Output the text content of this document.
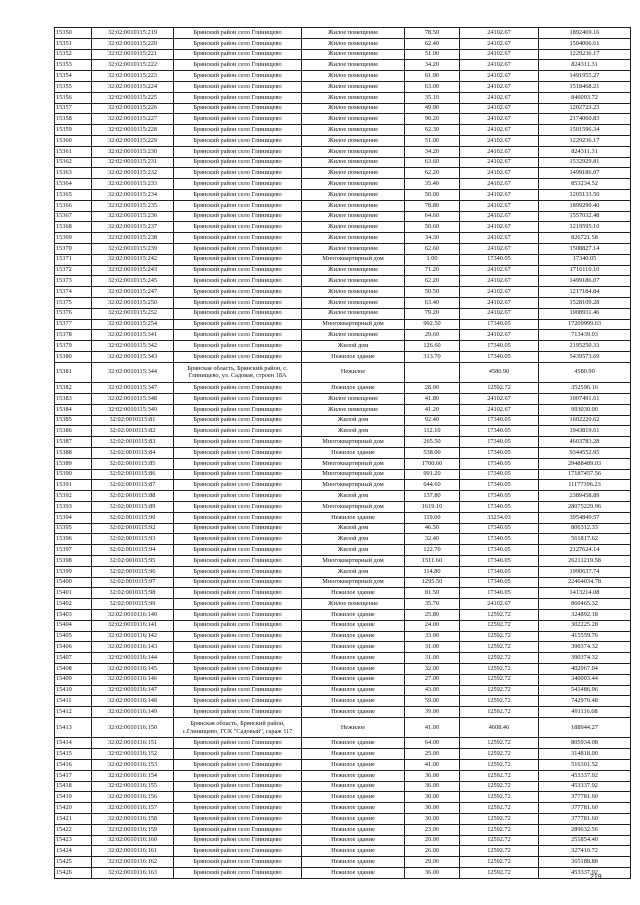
15350	32:02:0010115:219	Брянский район село Глинищево	Жилое помещение	78.50	24102.67	1892469.16
15351	32:02:0010115:220	Брянский район село Глинищево	Жилое помещение	62.40	24102.67	1504006.61
15352	32:02:0010115:221	Брянский район село Глинищево	Жилое помещение	51.00	24102.67	1229236.17
15353	32:02:0010115:222	Брянский район село Глинищево	Жилое помещение	34.20	24102.67	824311.31
15354	32:02:0010115:223	Брянский район село Глинищево	Жилое помещение	61.90	24102.67	1491955.27
15355	32:02:0010115:224	Брянский район село Глинищево	Жилое помещение	63.00	24102.67	1518468.21
15356	32:02:0010115:225	Брянский район село Глинищево	Жилое помещение	35.10	24102.67	846003.72
15357	32:02:0010115:226	Брянский район село Глинищево	Жилое помещение	49.90	24102.67	1202723.23
15358	32:02:0010115:227	Брянский район село Глинищево	Жилое помещение	90.20	24102.67	2174060.83
15359	32:02:0010115:228	Брянский район село Глинищево	Жилое помещение	62.30	24102.67	1501596.34
15360	32:02:0010115:229	Брянский район село Глинищево	Жилое помещение	51.00	24102.67	1229236.17
15361	32:02:0010115:230	Брянский район село Глинищево	Жилое помещение	34.20	24102.67	824311.31
15362	32:02:0010115:231	Брянский район село Глинищево	Жилое помещение	63.60	24102.67	1532929.81
15363	32:02:0010115:232	Брянский район село Глинищево	Жилое помещение	62.20	24102.67	1499186.07
15364	32:02:0010115:233	Брянский район село Глинищево	Жилое помещение	35.40	24102.67	853234.52
15365	32:02:0010115:234	Брянский район село Глинищево	Жилое помещение	50.00	24102.67	1205133.50
15366	32:02:0010115:235	Брянский район село Глинищево	Жилое помещение	78.80	24102.67	1899290.40
15367	32:02:0010115:236	Брянский район село Глинищево	Жилое помещение	64.60	24102.67	1557032.48
15368	32:02:0010115:237	Брянский район село Глинищево	Жилое помещение	50.60	24102.67	1219595.10
15369	32:02:0010115:238	Брянский район село Глинищево	Жилое помещение	34.30	24102.67	826721.58
15370	32:02:0010115:239	Брянский район село Глинищево	Жилое помещение	62.60	24102.67	1508827.14
15371	32:02:0010115:242	Брянский район село Глинищево	Многоквартирный дом	1.00	17340.05	17340.05
15372	32:02:0010115:243	Брянский район село Глинищево	Жилое помещение	71.20	24102.67	1716110.10
15373	32:02:0010115:245	Брянский район село Глинищево	Жилое помещение	62.20	24102.67	1499186.07
15374	32:02:0010115:247	Брянский район село Глинищево	Жилое помещение	50.50	24102.67	1217184.84
15375	32:02:0010115:250	Брянский район село Глинищево	Жилое помещение	63.40	24102.67	1528109.28
15376	32:02:0010115:252	Брянский район село Глинищево	Жилое помещение	79.20	24102.67	1908931.46
15377	32:02:0010115:254	Брянский район село Глинищево	Многоквартирный дом	992.50	17340.05	17209999.63
15378	32:02:0010115:341	Брянский район село Глинищево	Жилое помещение	29.60	24102.67	713439.03
15379	32:02:0010115:342	Брянский район село Глинищево	Жилой дом	126.60	17340.05	2195250.33
15380	32:02:0010115:343	Брянский район село Глинищево	Нежилое здание	313.70	17340.05	5439573.69
15381	32:02:0010115:344	Брянская область, Брянский район, с. Глинищево, ул. Садовая, строен 18А	Нежилое		4580.90	4580.90
15382	32:02:0010115:347	Брянский район село Глинищево	Нежилое здание	28.00	12592.72	352596.16
15383	32:02:0010115:348	Брянский район село Глинищево	Жилое помещение	41.80	24102.67	1007491.61
15384	32:02:0010115:349	Брянский район село Глинищево	Жилое помещение	41.20	24102.67	993030.00
15385	32:02:0010115:81	Брянский район село Глинищево	Жилой дом	92.40	17340.05	1602220.62
15386	32:02:0010115:82	Брянский район село Глинищево	Жилой дом	112.10	17340.05	1943819.61
15387	32:02:0010115:83	Брянский район село Глинищево	Многоквартирный дом	265.50	17340.05	4603783.28
15388	32:02:0010115:84	Брянский район село Глинищево	Нежилое здание	538.00	17340.05	9344552.95
15389	32:02:0010115:85	Брянский район село Глинищево	Многоквартирный дом	1700.60	17340.05	29488489.03
15390	32:02:0010115:86	Брянский район село Глинищево	Многоквартирный дом	991.20	17340.05	17187457.56
15391	32:02:0010115:87	Брянский район село Глинищево	Многоквартирный дом	644.60	17340.05	11177396.23
15392	32:02:0010115:88	Брянский район село Глинищево	Жилой дом	137.80	17340.05	2389458.89
15393	32:02:0010115:89	Брянский район село Глинищево	Многоквартирный дом	1619.10	17340.05	28075229.96
15394	32:02:0010115:90	Брянский район село Глинищево	Нежилое здание	119.00	33234.03	3954849.57
15395	32:02:0010115:92	Брянский район село Глинищево	Жилой дом	46.50	17340.05	806312.33
15396	32:02:0010115:93	Брянский район село Глинищево	Жилой дом	32.40	17340.05	561817.62
15397	32:02:0010115:94	Брянский район село Глинищево	Жилой дом	122.70	17340.05	2127624.14
15398	32:02:0010115:95	Брянский район село Глинищево	Многоквартирный дом	1511.60	17340.05	26211219.58
15399	32:02:0010115:96	Брянский район село Глинищево	Жилой дом	114.80	17340.05	1990637.74
15400	32:02:0010115:97	Брянский район село Глинищево	Многоквартирный дом	1295.50	17340.05	22464034.78
15401	32:02:0010115:98	Брянский район село Глинищево	Нежилое здание	81.50	17340.05	1413214.08
15402	32:02:0010115:99	Брянский район село Глинищево	Жилое помещение	35.70	24102.67	860465.32
15403	32:02:0010116:140	Брянский район село Глинищево	Нежилое здание	25.80	12592.72	324892.18
15404	32:02:0010116:141	Брянский район село Глинищево	Нежилое здание	24.00	12592.72	302225.28
15405	32:02:0010116:142	Брянский район село Глинищево	Нежилое здание	33.00	12592.72	415559.76
15406	32:02:0010116:143	Брянский район село Глинищево	Нежилое здание	31.00	12592.72	390374.32
15407	32:02:0010116:144	Брянский район село Глинищево	Нежилое здание	31.00	12592.72	390374.32
15408	32:02:0010116:145	Брянский район село Глинищево	Нежилое здание	32.00	12592.72	402967.04
15409	32:02:0010116:146	Брянский район село Глинищево	Нежилое здание	27.00	12592.72	340003.44
15410	32:02:0010116:147	Брянский район село Глинищево	Нежилое здание	43.00	12592.72	541486.96
15411	32:02:0010116:148	Брянский район село Глинищево	Нежилое здание	59.00	12592.72	742970.48
15412	32:02:0010116:149	Брянский район село Глинищево	Нежилое здание	39.00	12592.72	491116.08
15413	32:02:0010116:150	Брянская область, Брянский район, с.Глинищево, ГСК "Садовый", гараж 117	Нежилое	41.00	4608.46	188944.27
15414	32:02:0010116:151	Брянский район село Глинищево	Нежилое здание	64.00	12592.72	805934.08
15415	32:02:0010116:152	Брянский район село Глинищево	Нежилое здание	25.00	12592.72	314818.00
15416	32:02:0010116:153	Брянский район село Глинищево	Нежилое здание	41.00	12592.72	516301.52
15417	32:02:0010116:154	Брянский район село Глинищево	Нежилое здание	36.00	12592.72	453337.92
15418	32:02:0010116:155	Брянский район село Глинищево	Нежилое здание	36.00	12592.72	453337.92
15419	32:02:0010116:156	Брянский район село Глинищево	Нежилое здание	30.00	12592.72	377781.60
15420	32:02:0010116:157	Брянский район село Глинищево	Нежилое здание	30.00	12592.72	377781.60
15421	32:02:0010116:158	Брянский район село Глинищево	Нежилое здание	30.00	12592.72	377781.60
15422	32:02:0010116:159	Брянский район село Глинищево	Нежилое здание	23.00	12592.72	289632.56
15423	32:02:0010116:160	Брянский район село Глинищево	Нежилое здание	20.00	12592.72	251854.40
15424	32:02:0010116:161	Брянский район село Глинищево	Нежилое здание	26.00	12592.72	327410.72
15425	32:02:0010116:162	Брянский район село Глинищево	Нежилое здание	29.00	12592.72	365188.88
15426	32:02:0010116:163	Брянский район село Глинищево	Нежилое здание	36.00	12592.72	453337.92
219
